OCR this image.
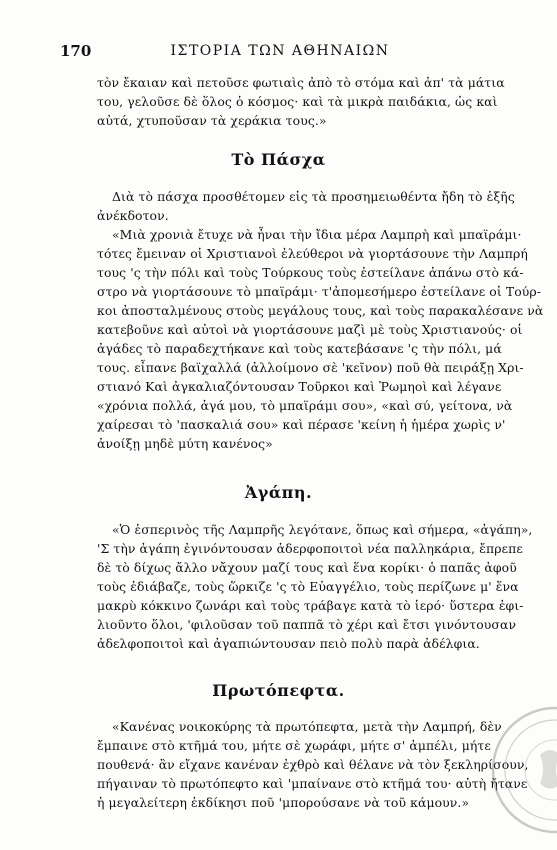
170	ΙΣΤΟΡΙΑ ΤΩΝ ΑΘΗΝΑΙΩΝ
τὸν ἔκαιαν καὶ πετοῦσε φωτιαὶς ἀπὸ τὸ στόμα καὶ ἀπ' τὰ μάτια
του, γελοῦσε δὲ ὅλος ὁ κόσμος· καὶ τὰ μικρὰ παιδάκια, ὡς καὶ
αὐτά, χτυποῦσαν τὰ χεράκια τους.»
Τὸ Πάσχα
Διὰ τὸ πάσχα προσθέτομεν εἰς τὰ προσημειωθέντα ἤδη τὸ ἑξῆς
ἀνέκδοτον.
«Μιὰ χρονιὰ ἔτυχε νὰ ἦναι τὴν ἴδια μέρα Λαμπρὴ καὶ μπαϊράμι·
τότες ἔμειναν οἱ Χριστιανοὶ ἐλεύθεροι νὰ γιορτάσουνε τὴν Λαμπρή
τους 'ς τὴν πόλι καὶ τοὺς Τούρκους τοὺς ἐστείλανε ἀπάνω στὸ κά-
στρο νὰ γιορτάσουνε τὸ μπαϊράμι· τ'ἀπομεσήμερο ἐστείλανε οἱ Τούρ-
κοι ἀποσταλμένους στοὺς μεγάλους τους, καὶ τοὺς παρακαλέσανε νὰ
κατεβοῦνε καὶ αὐτοὶ νὰ γιορτάσουνε μαζὶ μὲ τοὺς Χριστιανούς· οἱ
ἀγάδες τὸ παραδεχτήκανε καὶ τοὺς κατεβάσανε 'ς τὴν πόλι, μά
τους. εἶπανε βαϊχαλλά (ἀλλοίμονο σὲ 'κεῖνον) ποῦ θὰ πειράξῃ Χρι-
στιανό Καὶ ἀγκαλιαζόντουσαν Τοῦρκοι καὶ Ῥωμηοὶ καὶ λέγανε
«χρόνια πολλά, ἀγά μου, τὸ μπαϊράμι σου», «καὶ σύ, γείτονα, νὰ
χαίρεσαι τὸ 'πασκαλιά σου» καὶ πέρασε 'κείνη ἡ ἡμέρα χωρὶς ν'
ἀνοίξῃ μηδὲ μύτη κανένος»
Ἀγάπη.
«Ὁ ἑσπερινὸς τῆς Λαμπρῆς λεγότανε, ὅπως καὶ σήμερα, «ἀγάπη»,
'Σ τὴν ἀγάπη ἐγινόντουσαν ἀδερφοποιτοὶ νέα παλληκάρια, ἔπρεπε
δὲ τὸ δίχως ἄλλο νἄχουν μαζί τους καὶ ἕνα κορίκι· ὁ παπᾶς ἀφοῦ
τοὺς ἐδιάβαζε, τοὺς ὥρκιζε 'ς τὸ Εὐαγγέλιο, τοὺς περίζωνε μ' ἕνα
μακρὺ κόκκινο ζωνάρι καὶ τοὺς τράβαγε κατὰ τὸ ἱερό· ὕστερα ἐφι-
λιοῦντο ὅλοι, 'φιλοῦσαν τοῦ παππᾶ τὸ χέρι καὶ ἔτσι γινόντουσαν
ἀδελφοποιτοὶ καὶ ἀγαπιώντουσαν πειὸ πολὺ παρὰ ἀδέλφια.
Πρωτόπεφτα.
«Κανένας νοικοκύρης τὰ πρωτόπεφτα, μετὰ τὴν Λαμπρή, δὲν
ἔμπαινε στὸ κτῆμά του, μήτε σὲ χωράφι, μήτε σ' ἀμπέλι, μήτε
πουθενά· ἂν εἴχανε κανέναν ἐχθρὸ καὶ θέλανε νὰ τὸν ξεκληρίσουν,
πήγαιναν τὸ πρωτόπεφτο καὶ 'μπαίνανε στὸ κτῆμά του· αὐτὴ ἤτανε
ἡ μεγαλείτερη ἐκδίκησι ποῦ 'μπορούσανε νὰ τοῦ κάμουν.»
